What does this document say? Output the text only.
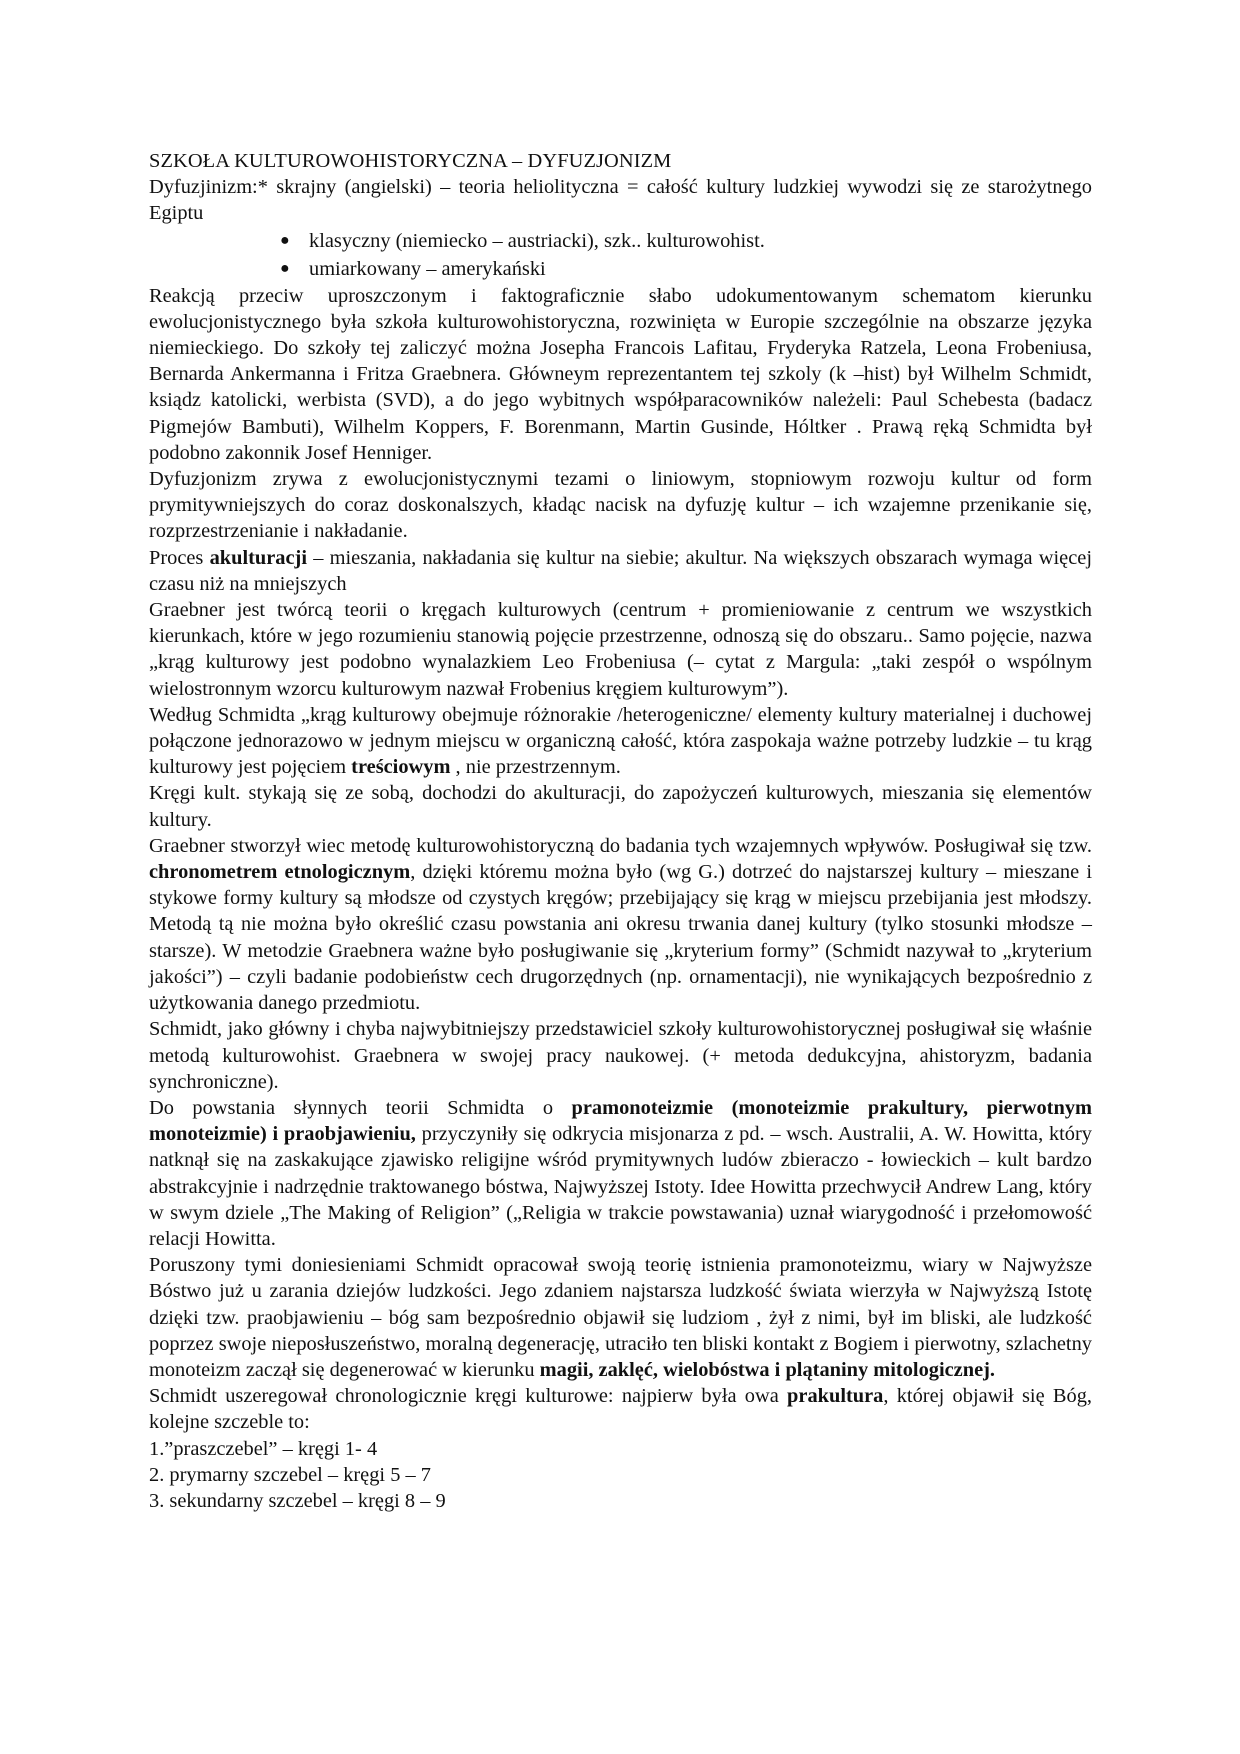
SZKOŁA KULTUROWOHISTORYCZNA – DYFUZJONIZM

Dyfuzjinizm:* skrajny (angielski) – teoria heliolityczna = całość kultury ludzkiej wywodzi się ze starożytnego Egiptu

● klasyczny (niemiecko – austriacki), szk.. kulturowohist.
● umiarkowany – amerykański

Reakcją przeciw uproszczonym i faktograficznie słabo udokumentowanym schematom kierunku ewolucjonistycznego była szkoła kulturowohistoryczna, rozwinięta w Europie szczególnie na obszarze języka niemieckiego. Do szkoły tej zaliczyć można Josepha Francois Lafitau, Fryderyka Ratzela, Leona Frobeniusa, Bernarda Ankermanna i Fritza Graebnera. Główneym reprezentantem tej szkoly (k –hist) był Wilhelm Schmidt, ksiądz katolicki, werbista (SVD), a do jego wybitnych współparacowników należeli: Paul Schebesta (badacz Pigmejów Bambuti), Wilhelm Koppers, F. Borenmann, Martin Gusinde, Hóltker . Prawą ręką Schmidta był podobno zakonnik Josef Henniger.

Dyfuzjonizm zrywa z ewolucjonistycznymi tezami o liniowym, stopniowym rozwoju kultur od form prymitywniejszych do coraz doskonalszych, kładąc nacisk na dyfuzję kultur – ich wzajemne przenikanie się, rozprzestrzenianie i nakładanie.

Proces akulturacji – mieszania, nakładania się kultur na siebie; akultur. Na większych obszarach wymaga więcej czasu niż na mniejszych

Graebner jest twórcą teorii o kręgach kulturowych (centrum + promieniowanie z centrum we wszystkich kierunkach, które w jego rozumieniu stanowią pojęcie przestrzenne, odnoszą się do obszaru.. Samo pojęcie, nazwa „krąg kulturowy jest podobno wynalazkiem Leo Frobeniusa (– cytat z Margula: „taki zespół o wspólnym wielostronnym wzorcu kulturowym nazwał Frobenius kręgiem kulturowym”).

Według Schmidta „krąg kulturowy obejmuje różnorakie /heterogeniczne/ elementy kultury materialnej i duchowej połączone jednorazowo w jednym miejscu w organiczną całość, która zaspokaja ważne potrzeby ludzkie – tu krąg kulturowy jest pojęciem treściowym , nie przestrzennym.

Kręgi kult. stykają się ze sobą, dochodzi do akulturacji, do zapożyczeń kulturowych, mieszania się elementów kultury.

Graebner stworzył wiec metodę kulturowohistoryczną do badania tych wzajemnych wpływów. Posługiwał się tzw. chronometrem etnologicznym, dzięki któremu można było (wg G.) dotrzeć do najstarszej kultury – mieszane i stykowe formy kultury są młodsze od czystych kręgów; przebijający się krąg w miejscu przebijania jest młodszy. Metodą tą nie można było określić czasu powstania ani okresu trwania danej kultury (tylko stosunki młodsze – starsze). W metodzie Graebnera ważne było posługiwanie się „kryterium formy” (Schmidt nazywał to „kryterium jakości”) – czyli badanie podobieństw cech drugorzędnych (np. ornamentacji), nie wynikających bezpośrednio z użytkowania danego przedmiotu.

Schmidt, jako główny i chyba najwybitniejszy przedstawiciel szkoły kulturowohistorycznej posługiwał się właśnie metodą kulturowohist. Graebnera w swojej pracy naukowej. (+ metoda dedukcyjna, ahistoryzm, badania synchroniczne).

Do powstania słynnych teorii Schmidta o pramonoteizmie (monoteizmie prakultury, pierwotnym monoteizmie) i praobjawieniu, przyczyniły się odkrycia misjonarza z pd. – wsch. Australii, A. W. Howitta, który natknął się na zaskakujące zjawisko religijne wśród prymitywnych ludów zbieraczo - łowieckich – kult bardzo abstrakcyjnie i nadrzędnie traktowanego bóstwa, Najwyższej Istoty. Idee Howitta przechwycił Andrew Lang, który w swym dziele „The Making of Religion” („Religia w trakcie powstawania) uznał wiarygodność i przełomowość relacji Howitta.

Poruszony tymi doniesieniami Schmidt opracował swoją teorię istnienia pramonoteizmu, wiary w Najwyższe Bóstwo już u zarania dziejów ludzkości. Jego zdaniem najstarsza ludzkość świata wierzyła w Najwyższą Istotę dzięki tzw. praobjawieniu – bóg sam bezpośrednio objawił się ludziom , żył z nimi, był im bliski, ale ludzkość poprzez swoje nieposłuszeństwo, moralną degenerację, utraciło ten bliski kontakt z Bogiem i pierwotny, szlachetny monoteizm zaczął się degenerować w kierunku magii, zaklęć, wielobóstwa i plątaniny mitologicznej.

Schmidt uszeregował chronologicznie kręgi kulturowe: najpierw była owa prakultura, której objawił się Bóg, kolejne szczeble to:

1.”praszczebel” – kręgi 1- 4

2. prymarny szczebel – kręgi 5 – 7

3. sekundarny szczebel – kręgi 8 – 9
